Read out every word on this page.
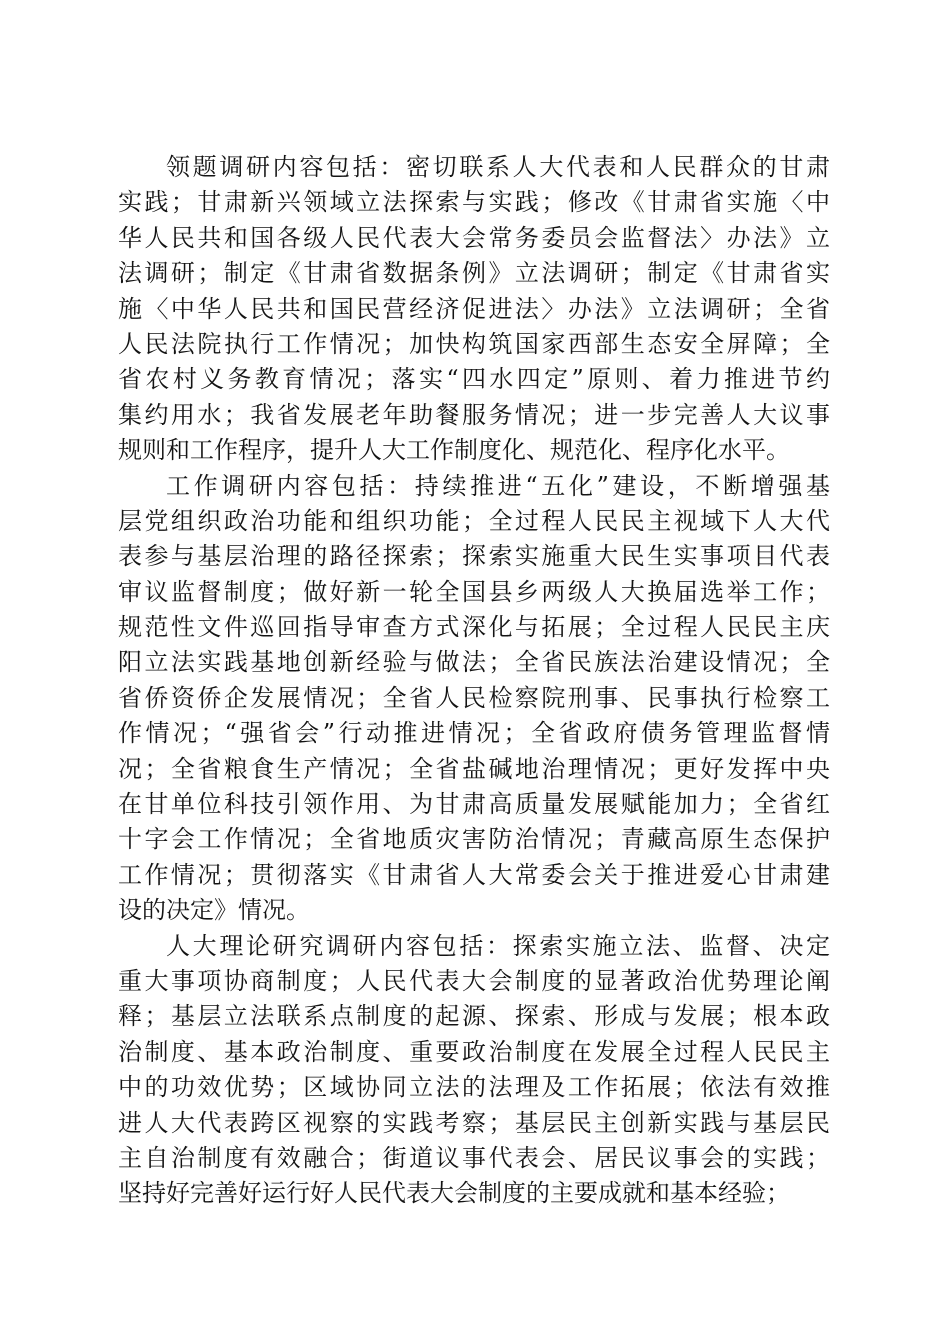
领题调研内容包括：密切联系人大代表和人民群众的甘肃
实践；甘肃新兴领域立法探索与实践；修改《甘肃省实施〈中
华人民共和国各级人民代表大会常务委员会监督法〉办法》立
法调研；制定《甘肃省数据条例》立法调研；制定《甘肃省实
施〈中华人民共和国民营经济促进法〉办法》立法调研；全省
人民法院执行工作情况；加快构筑国家西部生态安全屏障；全
省农村义务教育情况；落实“四水四定”原则、着力推进节约
集约用水；我省发展老年助餐服务情况；进一步完善人大议事
规则和工作程序，提升人大工作制度化、规范化、程序化水平。
工作调研内容包括：持续推进“五化”建设，不断增强基
层党组织政治功能和组织功能；全过程人民民主视域下人大代
表参与基层治理的路径探索；探索实施重大民生实事项目代表
审议监督制度；做好新一轮全国县乡两级人大换届选举工作；
规范性文件巡回指导审查方式深化与拓展；全过程人民民主庆
阳立法实践基地创新经验与做法；全省民族法治建设情况；全
省侨资侨企发展情况；全省人民检察院刑事、民事执行检察工
作情况；“强省会”行动推进情况；全省政府债务管理监督情
况；全省粮食生产情况；全省盐碱地治理情况；更好发挥中央
在甘单位科技引领作用、为甘肃高质量发展赋能加力；全省红
十字会工作情况；全省地质灾害防治情况；青藏高原生态保护
工作情况；贯彻落实《甘肃省人大常委会关于推进爱心甘肃建
设的决定》情况。
人大理论研究调研内容包括：探索实施立法、监督、决定
重大事项协商制度；人民代表大会制度的显著政治优势理论阐
释；基层立法联系点制度的起源、探索、形成与发展；根本政
治制度、基本政治制度、重要政治制度在发展全过程人民民主
中的功效优势；区域协同立法的法理及工作拓展；依法有效推
进人大代表跨区视察的实践考察；基层民主创新实践与基层民
主自治制度有效融合；街道议事代表会、居民议事会的实践；
坚持好完善好运行好人民代表大会制度的主要成就和基本经验；
